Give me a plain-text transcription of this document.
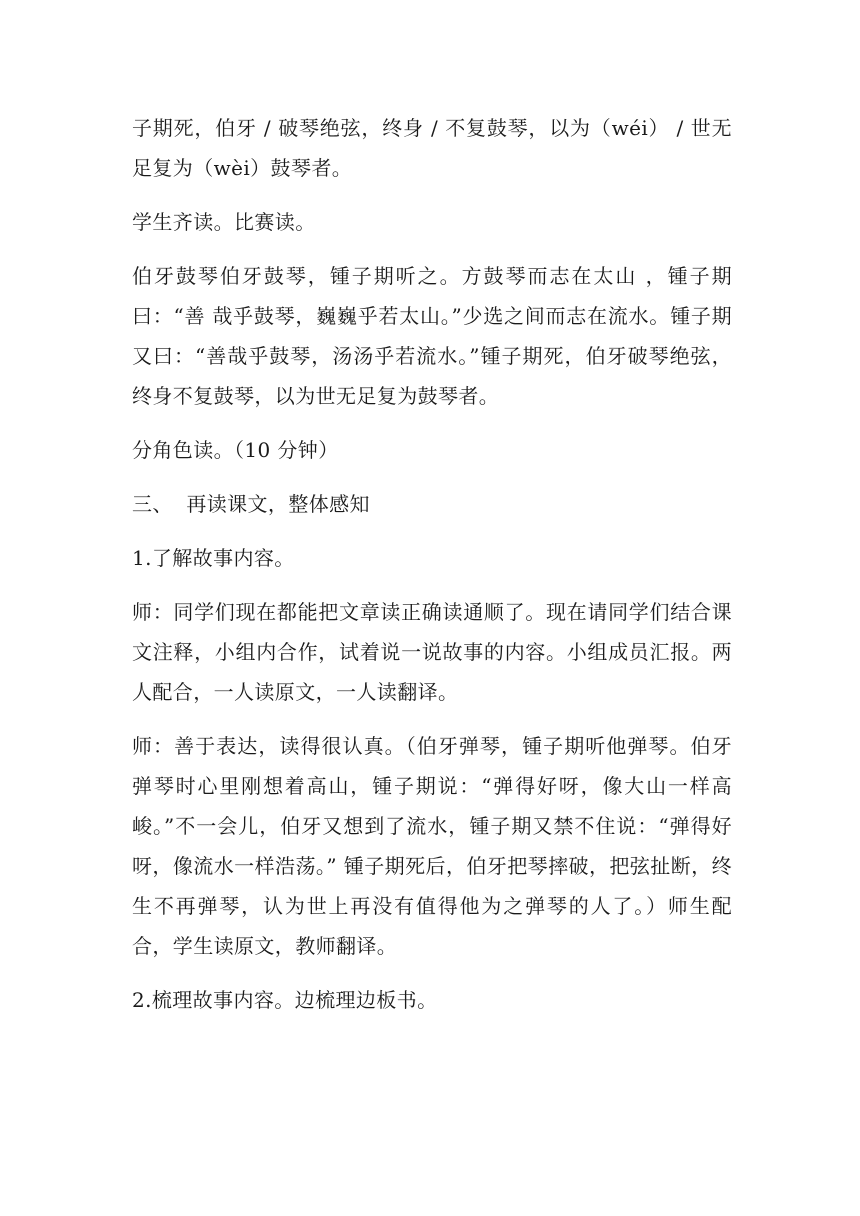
子期死，伯牙 / 破琴绝弦，终身 / 不复鼓琴，以为（wéi） / 世无足复为（wèi）鼓琴者。

学生齐读。比赛读。

伯牙鼓琴伯牙鼓琴，锺子期听之。方鼓琴而志在太山 ，锺子期曰：“善 哉乎鼓琴，巍巍乎若太山。”少选之间而志在流水。锺子期又曰：“善哉乎鼓琴，汤汤乎若流水。”锺子期死，伯牙破琴绝弦，终身不复鼓琴，以为世无足复为鼓琴者。

分角色读。（10 分钟）

三、  再读课文，整体感知

1.了解故事内容。

师：同学们现在都能把文章读正确读通顺了。现在请同学们结合课文注释，小组内合作，试着说一说故事的内容。小组成员汇报。两人配合，一人读原文，一人读翻译。

师：善于表达，读得很认真。（伯牙弹琴，锺子期听他弹琴。伯牙弹琴时心里刚想着高山，锺子期说：“弹得好呀，像大山一样高峻。”不一会儿，伯牙又想到了流水，锺子期又禁不住说：“弹得好呀，像流水一样浩荡。” 锺子期死后，伯牙把琴摔破，把弦扯断，终生不再弹琴，认为世上再没有值得他为之弹琴的人了。）师生配合，学生读原文，教师翻译。

2.梳理故事内容。边梳理边板书。
